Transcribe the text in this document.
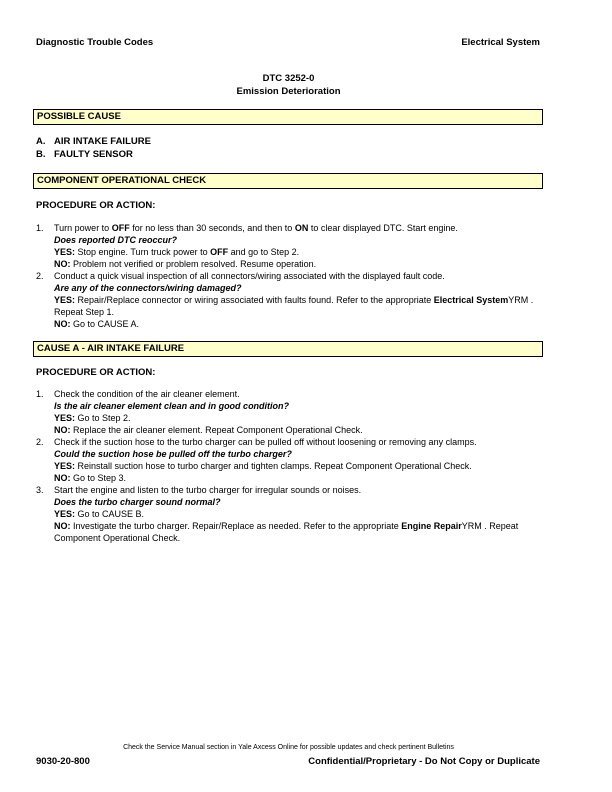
Diagnostic Trouble Codes	Electrical System
DTC 3252-0
Emission Deterioration
POSSIBLE CAUSE
A. AIR INTAKE FAILURE
B. FAULTY SENSOR
COMPONENT OPERATIONAL CHECK
PROCEDURE OR ACTION:
1.	Turn power to OFF for no less than 30 seconds, and then to ON to clear displayed DTC. Start engine.
Does reported DTC reoccur?
YES: Stop engine. Turn truck power to OFF and go to Step 2.
NO: Problem not verified or problem resolved. Resume operation.
2.	Conduct a quick visual inspection of all connectors/wiring associated with the displayed fault code.
Are any of the connectors/wiring damaged?
YES: Repair/Replace connector or wiring associated with faults found. Refer to the appropriate Electrical SystemYRM . Repeat Step 1.
NO: Go to CAUSE A.
CAUSE A - AIR INTAKE FAILURE
PROCEDURE OR ACTION:
1.	Check the condition of the air cleaner element.
Is the air cleaner element clean and in good condition?
YES: Go to Step 2.
NO: Replace the air cleaner element. Repeat Component Operational Check.
2.	Check if the suction hose to the turbo charger can be pulled off without loosening or removing any clamps.
Could the suction hose be pulled off the turbo charger?
YES: Reinstall suction hose to turbo charger and tighten clamps. Repeat Component Operational Check.
NO: Go to Step 3.
3.	Start the engine and listen to the turbo charger for irregular sounds or noises.
Does the turbo charger sound normal?
YES: Go to CAUSE B.
NO: Investigate the turbo charger. Repair/Replace as needed. Refer to the appropriate Engine RepairYRM . Repeat Component Operational Check.
Check the Service Manual section in Yale Axcess Online for possible updates and check pertinent Bulletins
9030-20-800	Confidential/Proprietary - Do Not Copy or Duplicate
